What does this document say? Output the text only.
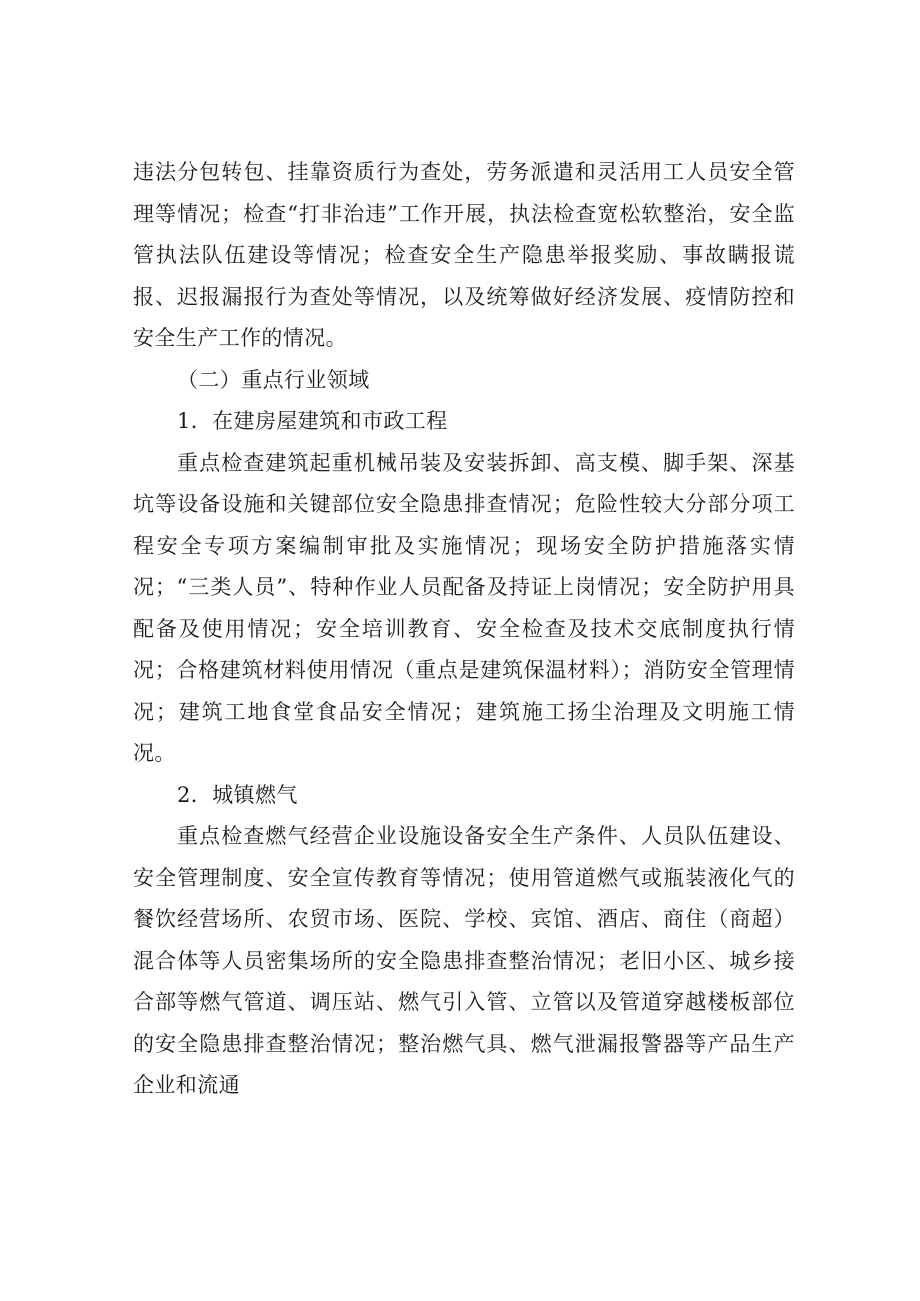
违法分包转包、挂靠资质行为查处，劳务派遣和灵活用工人员安全管理等情况；检查“打非治违”工作开展，执法检查宽松软整治，安全监管执法队伍建设等情况；检查安全生产隐患举报奖励、事故瞒报谎报、迟报漏报行为查处等情况，以及统筹做好经济发展、疫情防控和安全生产工作的情况。

（二）重点行业领域

1．在建房屋建筑和市政工程

重点检查建筑起重机械吊装及安装拆卸、高支模、脚手架、深基坑等设备设施和关键部位安全隐患排查情况；危险性较大分部分项工程安全专项方案编制审批及实施情况；现场安全防护措施落实情况；“三类人员”、特种作业人员配备及持证上岗情况；安全防护用具配备及使用情况；安全培训教育、安全检查及技术交底制度执行情况；合格建筑材料使用情况（重点是建筑保温材料）；消防安全管理情况；建筑工地食堂食品安全情况；建筑施工扬尘治理及文明施工情况。

2．城镇燃气

重点检查燃气经营企业设施设备安全生产条件、人员队伍建设、安全管理制度、安全宣传教育等情况；使用管道燃气或瓶装液化气的餐饮经营场所、农贸市场、医院、学校、宾馆、酒店、商住（商超）混合体等人员密集场所的安全隐患排查整治情况；老旧小区、城乡接合部等燃气管道、调压站、燃气引入管、立管以及管道穿越楼板部位的安全隐患排查整治情况；整治燃气具、燃气泄漏报警器等产品生产企业和流通
